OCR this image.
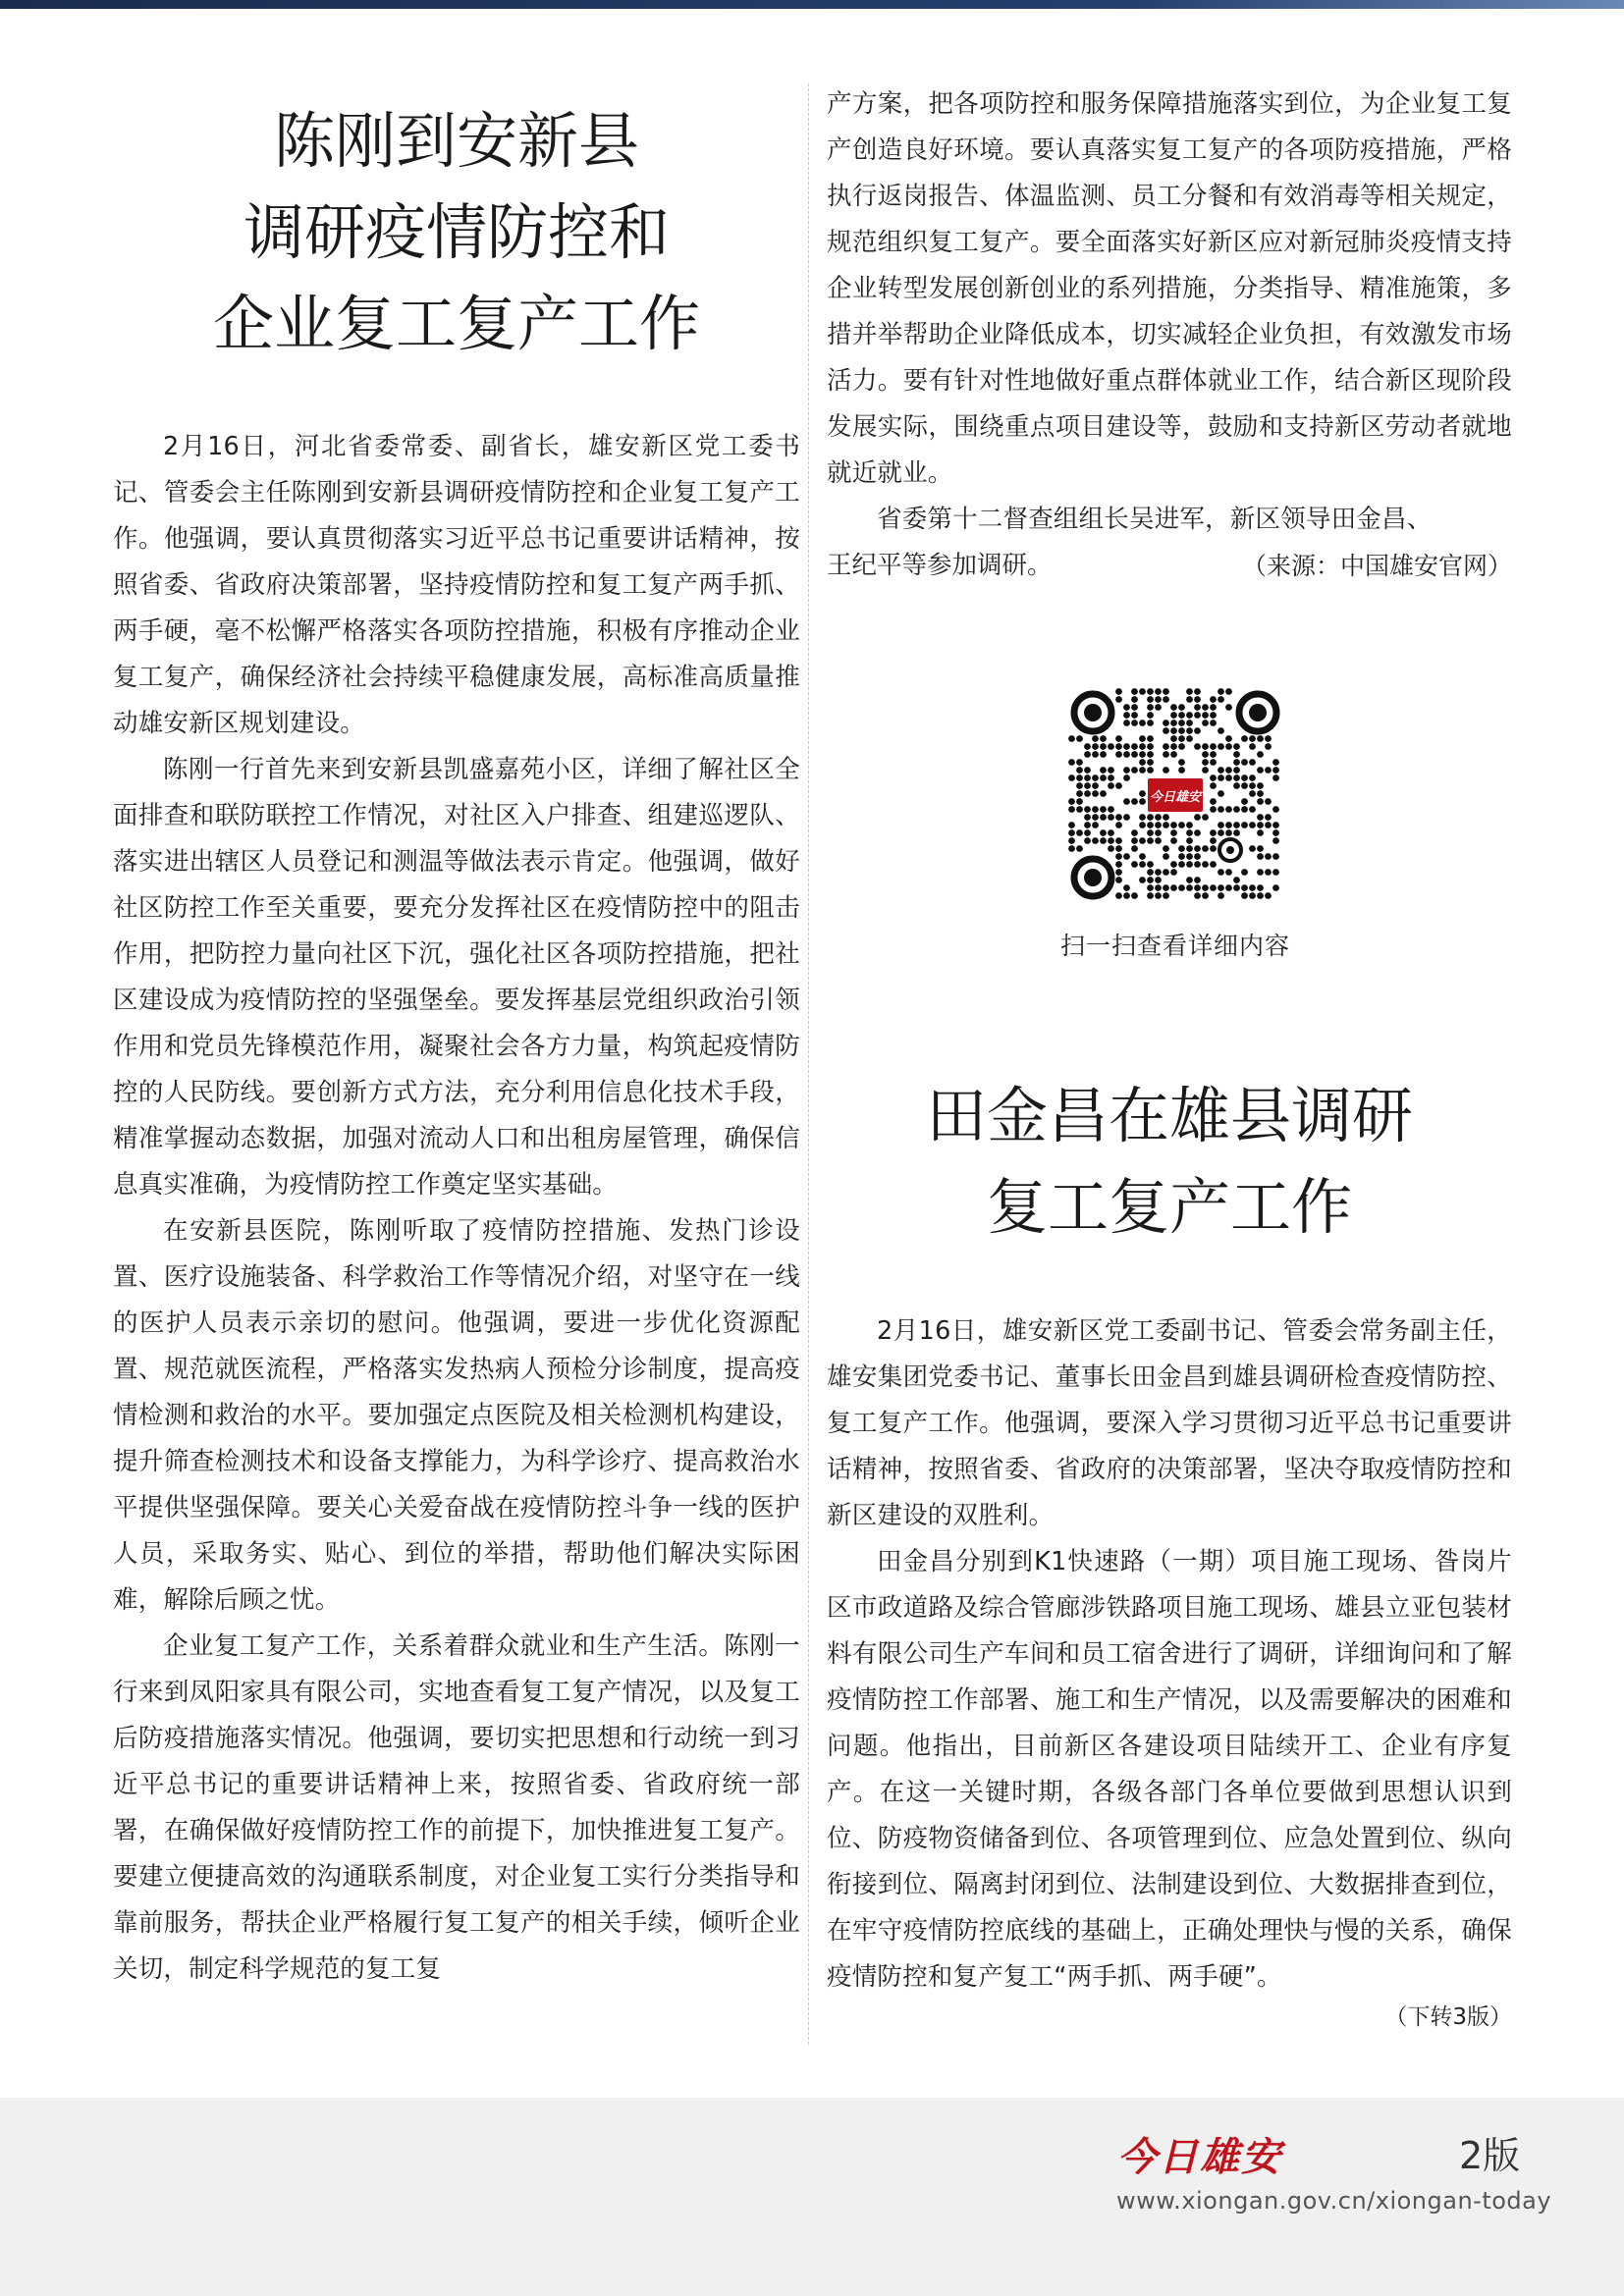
陈刚到安新县
调研疫情防控和
企业复工复产工作

2月16日，河北省委常委、副省长，雄安新区党工委书记、管委会主任陈刚到安新县调研疫情防控和企业复工复产工作。他强调，要认真贯彻落实习近平总书记重要讲话精神，按照省委、省政府决策部署，坚持疫情防控和复工复产两手抓、两手硬，毫不松懈严格落实各项防控措施，积极有序推动企业复工复产，确保经济社会持续平稳健康发展，高标准高质量推动雄安新区规划建设。

陈刚一行首先来到安新县凯盛嘉苑小区，详细了解社区全面排查和联防联控工作情况，对社区入户排查、组建巡逻队、落实进出辖区人员登记和测温等做法表示肯定。他强调，做好社区防控工作至关重要，要充分发挥社区在疫情防控中的阻击作用，把防控力量向社区下沉，强化社区各项防控措施，把社区建设成为疫情防控的坚强堡垒。要发挥基层党组织政治引领作用和党员先锋模范作用，凝聚社会各方力量，构筑起疫情防控的人民防线。要创新方式方法，充分利用信息化技术手段，精准掌握动态数据，加强对流动人口和出租房屋管理，确保信息真实准确，为疫情防控工作奠定坚实基础。

在安新县医院，陈刚听取了疫情防控措施、发热门诊设置、医疗设施装备、科学救治工作等情况介绍，对坚守在一线的医护人员表示亲切的慰问。他强调，要进一步优化资源配置、规范就医流程，严格落实发热病人预检分诊制度，提高疫情检测和救治的水平。要加强定点医院及相关检测机构建设，提升筛查检测技术和设备支撑能力，为科学诊疗、提高救治水平提供坚强保障。要关心关爱奋战在疫情防控斗争一线的医护人员，采取务实、贴心、到位的举措，帮助他们解决实际困难，解除后顾之忧。

企业复工复产工作，关系着群众就业和生产生活。陈刚一行来到凤阳家具有限公司，实地查看复工复产情况，以及复工后防疫措施落实情况。他强调，要切实把思想和行动统一到习近平总书记的重要讲话精神上来，按照省委、省政府统一部署，在确保做好疫情防控工作的前提下，加快推进复工复产。要建立便捷高效的沟通联系制度，对企业复工实行分类指导和靠前服务，帮扶企业严格履行复工复产的相关手续，倾听企业关切，制定科学规范的复工复

产方案，把各项防控和服务保障措施落实到位，为企业复工复产创造良好环境。要认真落实复工复产的各项防疫措施，严格执行返岗报告、体温监测、员工分餐和有效消毒等相关规定，规范组织复工复产。要全面落实好新区应对新冠肺炎疫情支持企业转型发展创新创业的系列措施，分类指导、精准施策，多措并举帮助企业降低成本，切实减轻企业负担，有效激发市场活力。要有针对性地做好重点群体就业工作，结合新区现阶段发展实际，围绕重点项目建设等，鼓励和支持新区劳动者就地就近就业。

省委第十二督查组组长吴进军，新区领导田金昌、

王纪平等参加调研。	（来源：中国雄安官网）
今日雄安
扫一扫查看详细内容
田金昌在雄县调研
复工复产工作

2月16日，雄安新区党工委副书记、管委会常务副主任，雄安集团党委书记、董事长田金昌到雄县调研检查疫情防控、复工复产工作。他强调，要深入学习贯彻习近平总书记重要讲话精神，按照省委、省政府的决策部署，坚决夺取疫情防控和新区建设的双胜利。

田金昌分别到K1快速路（一期）项目施工现场、昝岗片区市政道路及综合管廊涉铁路项目施工现场、雄县立亚包装材料有限公司生产车间和员工宿舍进行了调研，详细询问和了解疫情防控工作部署、施工和生产情况，以及需要解决的困难和问题。他指出，目前新区各建设项目陆续开工、企业有序复产。在这一关键时期，各级各部门各单位要做到思想认识到位、防疫物资储备到位、各项管理到位、应急处置到位、纵向衔接到位、隔离封闭到位、法制建设到位、大数据排查到位，在牢守疫情防控底线的基础上，正确处理快与慢的关系，确保疫情防控和复产复工“两手抓、两手硬”。

（下转3版）
今日雄安	2版
www.xiongan.gov.cn/xiongan-today
